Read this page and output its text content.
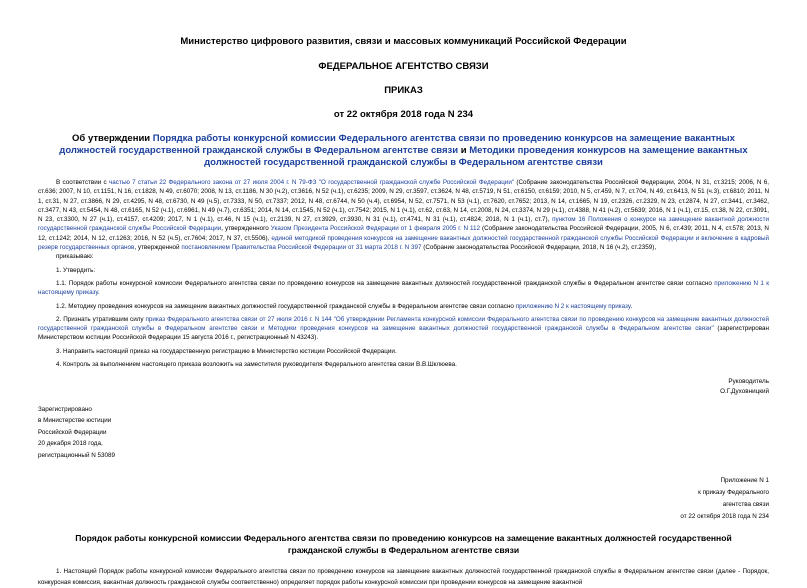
Министерство цифрового развития, связи и массовых коммуникаций Российской Федерации
ФЕДЕРАЛЬНОЕ АГЕНТСТВО СВЯЗИ
ПРИКАЗ
от 22 октября 2018 года N 234
Об утверждении Порядка работы конкурсной комиссии Федерального агентства связи по проведению конкурсов на замещение вакантных должностей государственной гражданской службы в Федеральном агентстве связи и Методики проведения конкурсов на замещение вакантных должностей государственной гражданской службы в Федеральном агентстве связи

В соответствии с частью 7 статьи 22 Федерального закона от 27 июля 2004 г. N 79-ФЗ "О государственной гражданской службе Российской Федерации" (Собрание законодательства Российской Федерации, 2004, N 31, ст.3215; 2006, N 6, ст.636; 2007, N 10, ст.1151, N 16, ст.1828, N 49, ст.6070; 2008, N 13, ст.1186, N 30 (ч.2), ст.3616, N 52 (ч.1), ст.6235; 2009, N 29, ст.3597, ст.3624, N 48, ст.5719, N 51, ст.6150, ст.6159; 2010, N 5, ст.459, N 7, ст.704, N 49, ст.6413, N 51 (ч.3), ст.6810; 2011, N 1, ст.31, N 27, ст.3866, N 29, ст.4295, N 48, ст.6730, N 49 (ч.5), ст.7333, N 50, ст.7337; 2012, N 48, ст.6744, N 50 (ч.4), ст.6954, N 52, ст.7571, N 53 (ч.1), ст.7620, ст.7652; 2013, N 14, ст.1665, N 19, ст.2326, ст.2329, N 23, ст.2874, N 27, ст.3441, ст.3462, ст.3477, N 43, ст.5454, N 48, ст.6165, N 52 (ч.1), ст.6961, N 49 (ч.7), ст.6351; 2014, N 14, ст.1545, N 52 (ч.1), ст.7542; 2015, N 1 (ч.1), ст.62, ст.63, N 14, ст.2008, N 24, ст.3374, N 29 (ч.1), ст.4388, N 41 (ч.2), ст.5639; 2016, N 1 (ч.1), ст.15, ст.38, N 22, ст.3091, N 23, ст.3300, N 27 (ч.1), ст.4157, ст.4209; 2017, N 1 (ч.1), ст.46, N 15 (ч.1), ст.2139, N 27, ст.3929, ст.3930, N 31 (ч.1), ст.4741, N 31 (ч.1), ст.4824; 2018, N 1 (ч.1), ст.7), пунктом 16 Положения о конкурсе на замещение вакантной должности государственной гражданской службы Российской Федерации, утвержденного Указом Президента Российской Федерации от 1 февраля 2005 г. N 112 (Собрание законодательства Российской Федерации, 2005, N 6, ст.439; 2011, N 4, ст.578; 2013, N 12, ст.1242; 2014, N 12, ст.1263; 2016, N 52 (ч.5), ст.7604; 2017, N 37, ст.5506), единой методикой проведения конкурсов на замещение вакантных должностей государственной гражданской службы Российской Федерации и включение в кадровый резерв государственных органов, утвержденной постановлением Правительства Российской Федерации от 31 марта 2018 г. N 397 (Собрание законодательства Российской Федерации, 2018, N 16 (ч.2), ст.2359),

приказываю:

1. Утвердить:

1.1. Порядок работы конкурсной комиссии Федерального агентства связи по проведению конкурсов на замещение вакантных должностей государственной гражданской службы в Федеральном агентстве связи согласно приложению N 1 к настоящему приказу.

1.2. Методику проведения конкурсов на замещение вакантных должностей государственной гражданской службы в Федеральном агентстве связи согласно приложению N 2 к настоящему приказу.

2. Признать утратившим силу приказ Федерального агентства связи от 27 июля 2016 г. N 144 "Об утверждении Регламента конкурсной комиссии Федерального агентства связи по проведению конкурсов на замещение вакантных должностей государственной гражданской службы в Федеральном агентстве связи и Методики проведения конкурсов на замещение вакантных должностей государственной гражданской службы в Федеральном агентстве связи" (зарегистрирован Министерством юстиции Российской Федерации 15 августа 2016 г., регистрационный N 43243).

3. Направить настоящий приказ на государственную регистрацию в Министерство юстиции Российской Федерации.

4. Контроль за выполнением настоящего приказа возложить на заместителя руководителя Федерального агентства связи В.В.Шклюева.

Руководитель
О.Г.Духовницкий
Зарегистрировано
в Министерстве юстиции
Российской Федерации
20 декабря 2018 года,
регистрационный N 53089
Приложение N 1
к приказу Федерального
агентства связи
от 22 октября 2018 года N 234
Порядок работы конкурсной комиссии Федерального агентства связи по проведению конкурсов на замещение вакантных должностей государственной гражданской службы в Федеральном агентстве связи

1. Настоящий Порядок работы конкурсной комиссии Федерального агентства связи по проведению конкурсов на замещение вакантных должностей государственной гражданской службы в Федеральном агентстве связи (далее - Порядок, конкурсная комиссия, вакантная должность гражданской службы соответственно) определяет порядок работы конкурсной комиссии при проведении конкурсов на замещение вакантной
